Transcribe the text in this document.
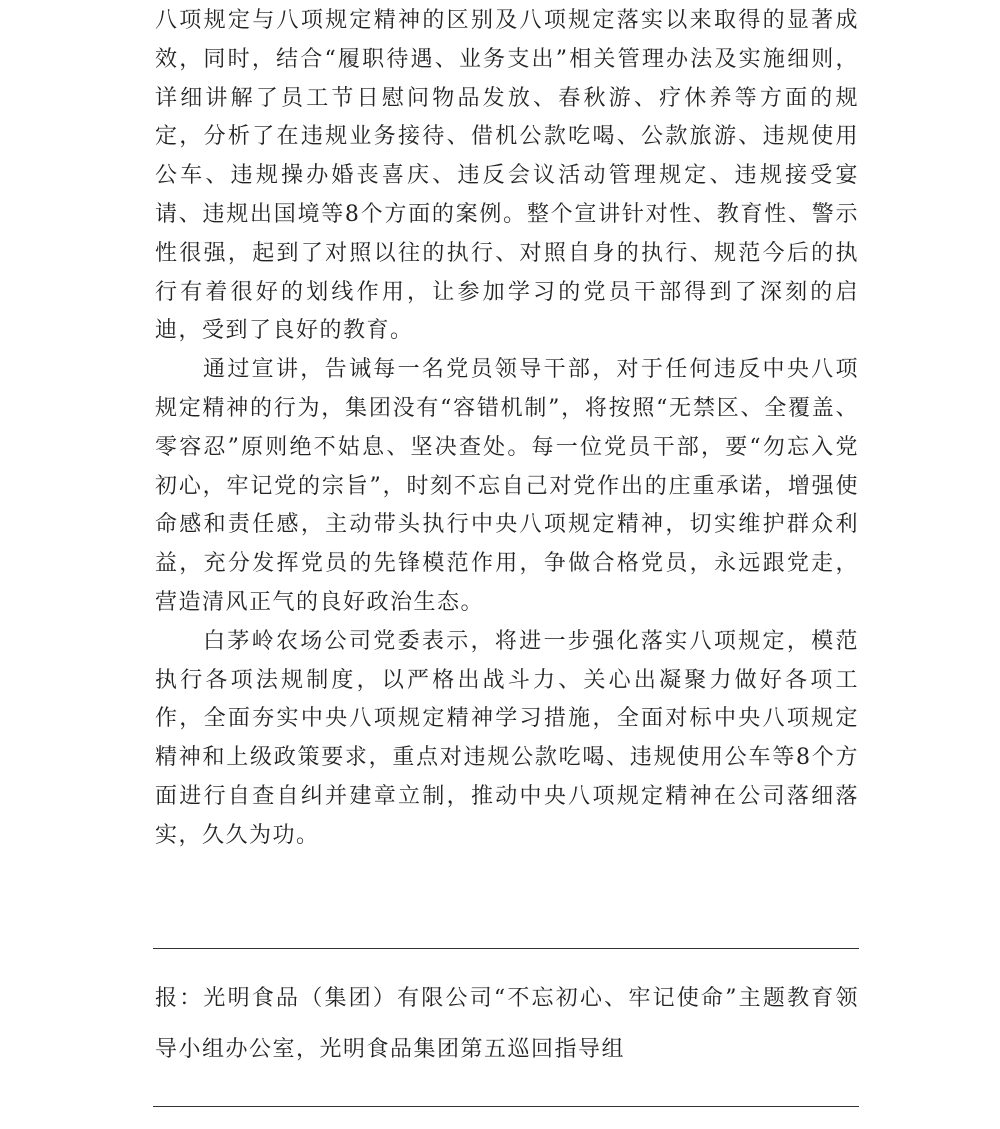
八项规定与八项规定精神的区别及八项规定落实以来取得的显著成效，同时，结合“履职待遇、业务支出”相关管理办法及实施细则，详细讲解了员工节日慰问物品发放、春秋游、疗休养等方面的规定，分析了在违规业务接待、借机公款吃喝、公款旅游、违规使用公车、违规操办婚丧喜庆、违反会议活动管理规定、违规接受宴请、违规出国境等8个方面的案例。整个宣讲针对性、教育性、警示性很强，起到了对照以往的执行、对照自身的执行、规范今后的执行有着很好的划线作用，让参加学习的党员干部得到了深刻的启迪，受到了良好的教育。

通过宣讲，告诫每一名党员领导干部，对于任何违反中央八项规定精神的行为，集团没有“容错机制”，将按照“无禁区、全覆盖、零容忍”原则绝不姑息、坚决查处。每一位党员干部，要“勿忘入党初心，牢记党的宗旨”，时刻不忘自己对党作出的庄重承诺，增强使命感和责任感，主动带头执行中央八项规定精神，切实维护群众利益，充分发挥党员的先锋模范作用，争做合格党员，永远跟党走，营造清风正气的良好政治生态。

白茅岭农场公司党委表示，将进一步强化落实八项规定，模范执行各项法规制度，以严格出战斗力、关心出凝聚力做好各项工作，全面夯实中央八项规定精神学习措施，全面对标中央八项规定精神和上级政策要求，重点对违规公款吃喝、违规使用公车等8个方面进行自查自纠并建章立制，推动中央八项规定精神在公司落细落实，久久为功。

报：光明食品（集团）有限公司“不忘初心、牢记使命”主题教育领导小组办公室，光明食品集团第五巡回指导组
